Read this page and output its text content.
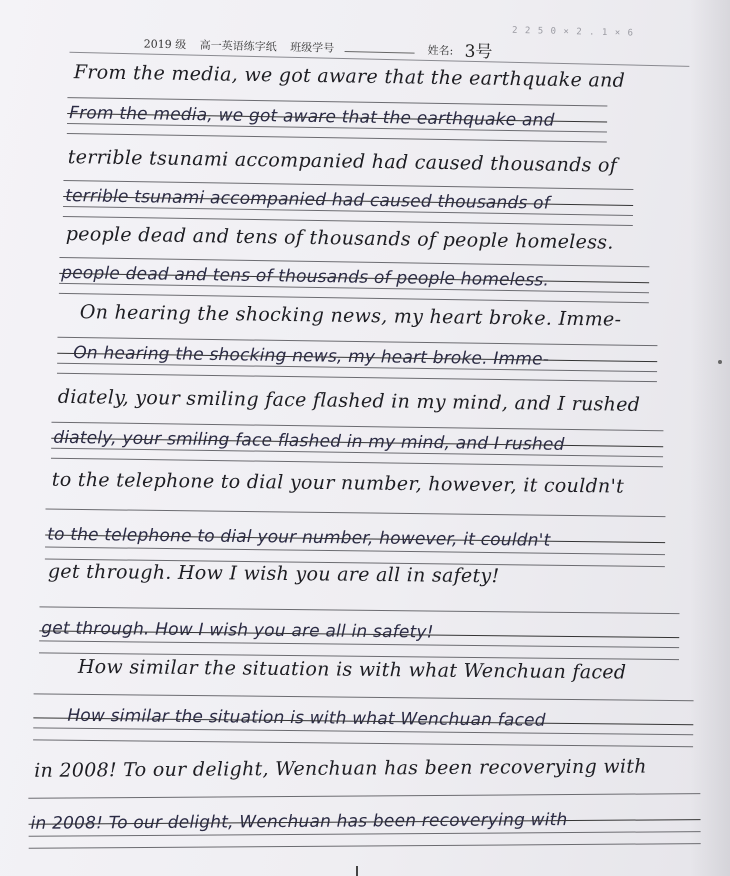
2 2 5 0 × 2 . 1 × 6
2019 级 高一英语练字纸 班级学号	姓名: 3号
From the media, we got aware that the earthquake and
From the media, we got aware that the earthquake and
terrible tsunami accompanied had caused thousands of
terrible tsunami accompanied had caused thousands of
people dead and tens of thousands of people homeless.
people dead and tens of thousands of people homeless.
On hearing the shocking news, my heart broke. Imme-
On hearing the shocking news, my heart broke. Imme-
diately, your smiling face flashed in my mind, and I rushed
diately, your smiling face flashed in my mind, and I rushed
to the telephone to dial your number, however, it couldn't
to the telephone to dial your number, however, it couldn't
get through. How I wish you are all in safety!
get through. How I wish you are all in safety!
How similar the situation is with what Wenchuan faced
How similar the situation is with what Wenchuan faced
in 2008! To our delight, Wenchuan has been recoverying with
in 2008! To our delight, Wenchuan has been recoverying with
